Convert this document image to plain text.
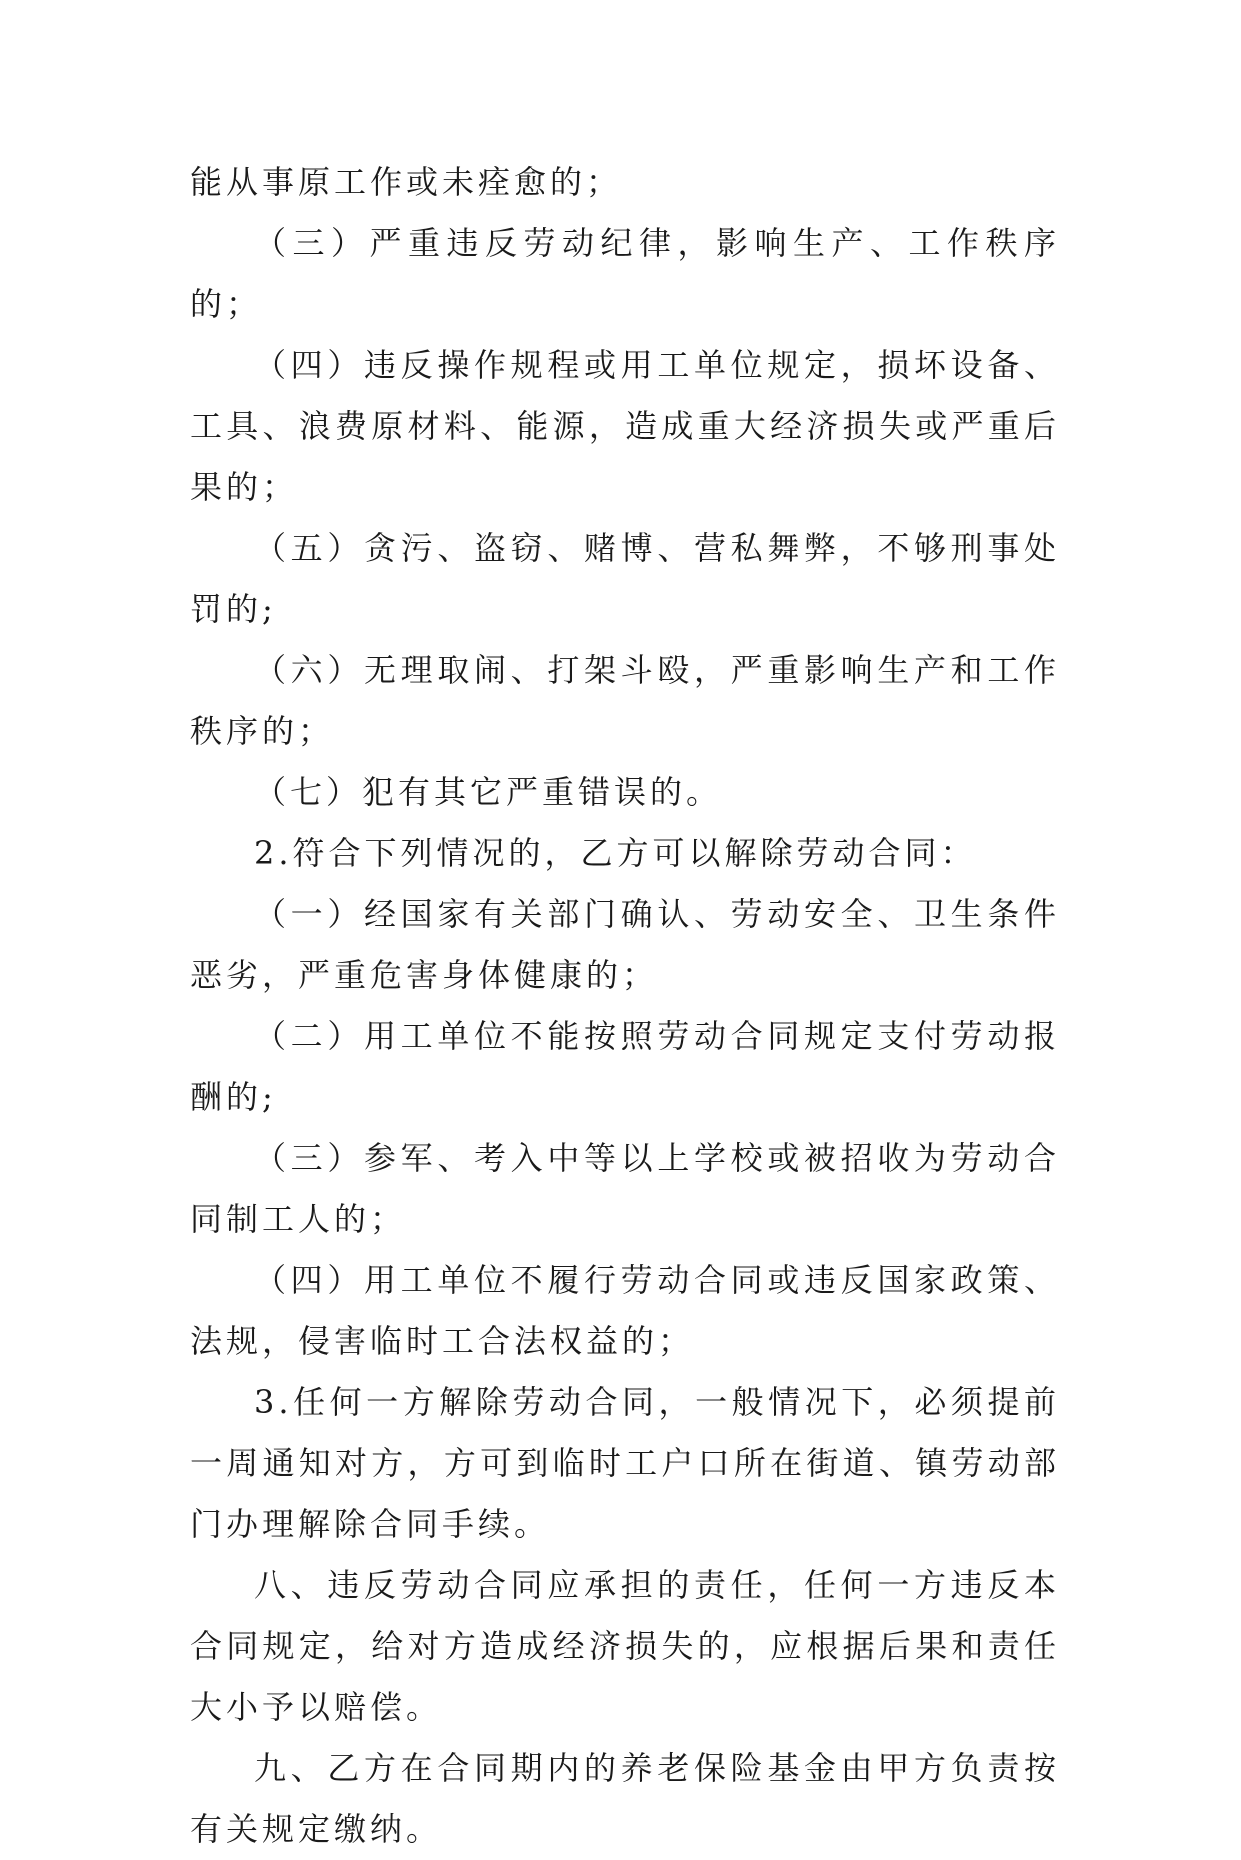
能从事原工作或未痊愈的；

（三）严重违反劳动纪律，影响生产、工作秩序的；

（四）违反操作规程或用工单位规定，损坏设备、工具、浪费原材料、能源，造成重大经济损失或严重后果的；

（五）贪污、盗窃、赌博、营私舞弊，不够刑事处罚的;

（六）无理取闹、打架斗殴，严重影响生产和工作秩序的；

（七）犯有其它严重错误的。

2.符合下列情况的，乙方可以解除劳动合同：

（一）经国家有关部门确认、劳动安全、卫生条件恶劣，严重危害身体健康的；

（二）用工单位不能按照劳动合同规定支付劳动报酬的;

（三）参军、考入中等以上学校或被招收为劳动合同制工人的；

（四）用工单位不履行劳动合同或违反国家政策、法规，侵害临时工合法权益的；

3.任何一方解除劳动合同，一般情况下，必须提前一周通知对方，方可到临时工户口所在街道、镇劳动部门办理解除合同手续。

八、违反劳动合同应承担的责任，任何一方违反本合同规定，给对方造成经济损失的，应根据后果和责任大小予以赔偿。

九、乙方在合同期内的养老保险基金由甲方负责按有关规定缴纳。
